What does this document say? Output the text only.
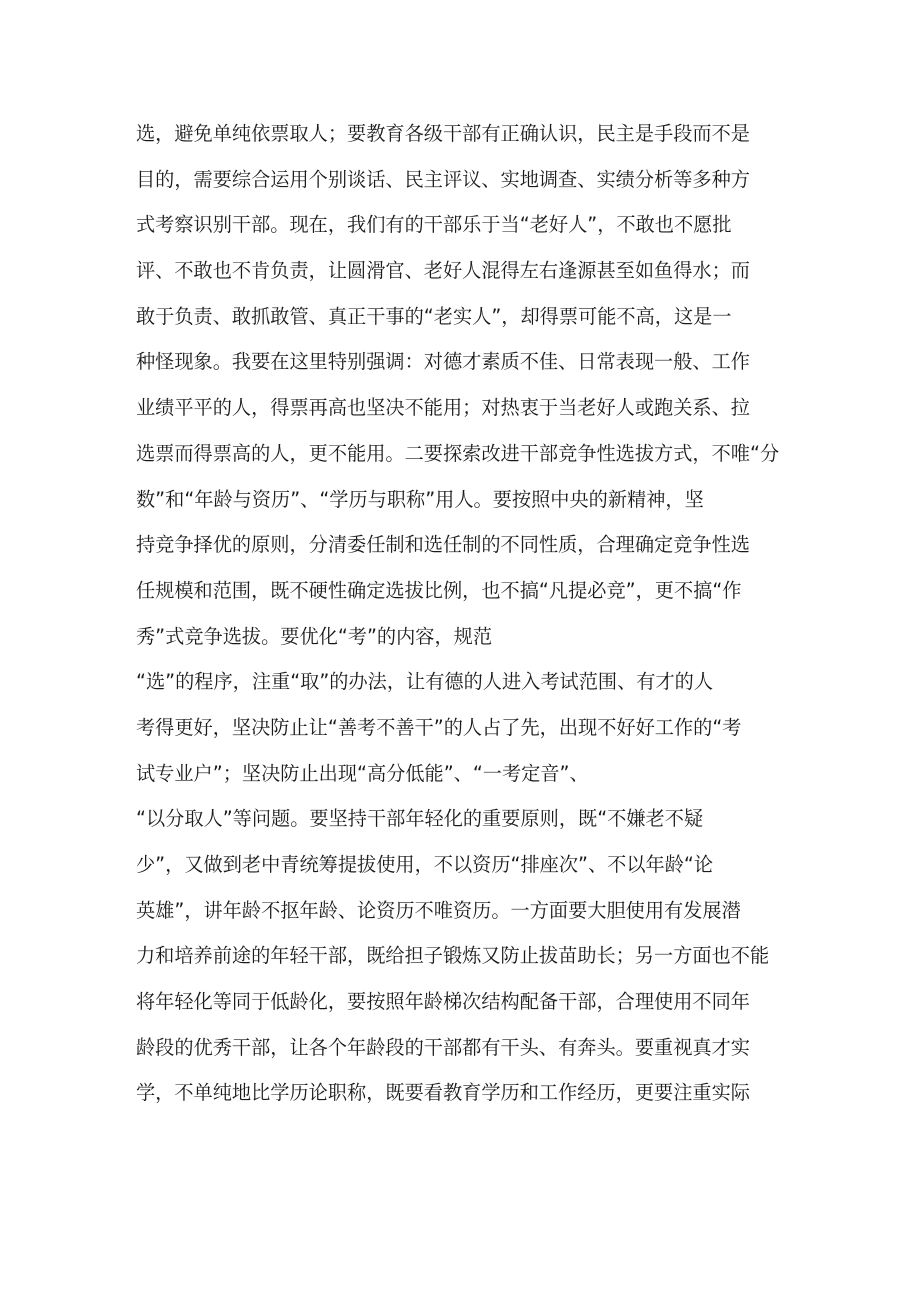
选，避免单纯依票取人；要教育各级干部有正确认识，民主是手段而不是
目的，需要综合运用个别谈话、民主评议、实地调查、实绩分析等多种方
式考察识别干部。现在，我们有的干部乐于当“老好人”，不敢也不愿批
评、不敢也不肯负责，让圆滑官、老好人混得左右逢源甚至如鱼得水；而
敢于负责、敢抓敢管、真正干事的“老实人”，却得票可能不高，这是一
种怪现象。我要在这里特别强调：对德才素质不佳、日常表现一般、工作
业绩平平的人，得票再高也坚决不能用；对热衷于当老好人或跑关系、拉
选票而得票高的人，更不能用。二要探索改进干部竞争性选拔方式，不唯“分
数”和“年龄与资历”、“学历与职称”用人。要按照中央的新精神，坚
持竞争择优的原则，分清委任制和选任制的不同性质，合理确定竞争性选
任规模和范围，既不硬性确定选拔比例，也不搞“凡提必竞”，更不搞“作
秀”式竞争选拔。要优化“考”的内容，规范
“选”的程序，注重“取”的办法，让有德的人进入考试范围、有才的人
考得更好，坚决防止让“善考不善干”的人占了先，出现不好好工作的“考
试专业户”；坚决防止出现“高分低能”、“一考定音”、
“以分取人”等问题。要坚持干部年轻化的重要原则，既“不嫌老不疑
少”，又做到老中青统筹提拔使用，不以资历“排座次”、不以年龄“论
英雄”，讲年龄不抠年龄、论资历不唯资历。一方面要大胆使用有发展潜
力和培养前途的年轻干部，既给担子锻炼又防止拔苗助长；另一方面也不能
将年轻化等同于低龄化，要按照年龄梯次结构配备干部，合理使用不同年
龄段的优秀干部，让各个年龄段的干部都有干头、有奔头。要重视真才实
学，不单纯地比学历论职称，既要看教育学历和工作经历，更要注重实际
